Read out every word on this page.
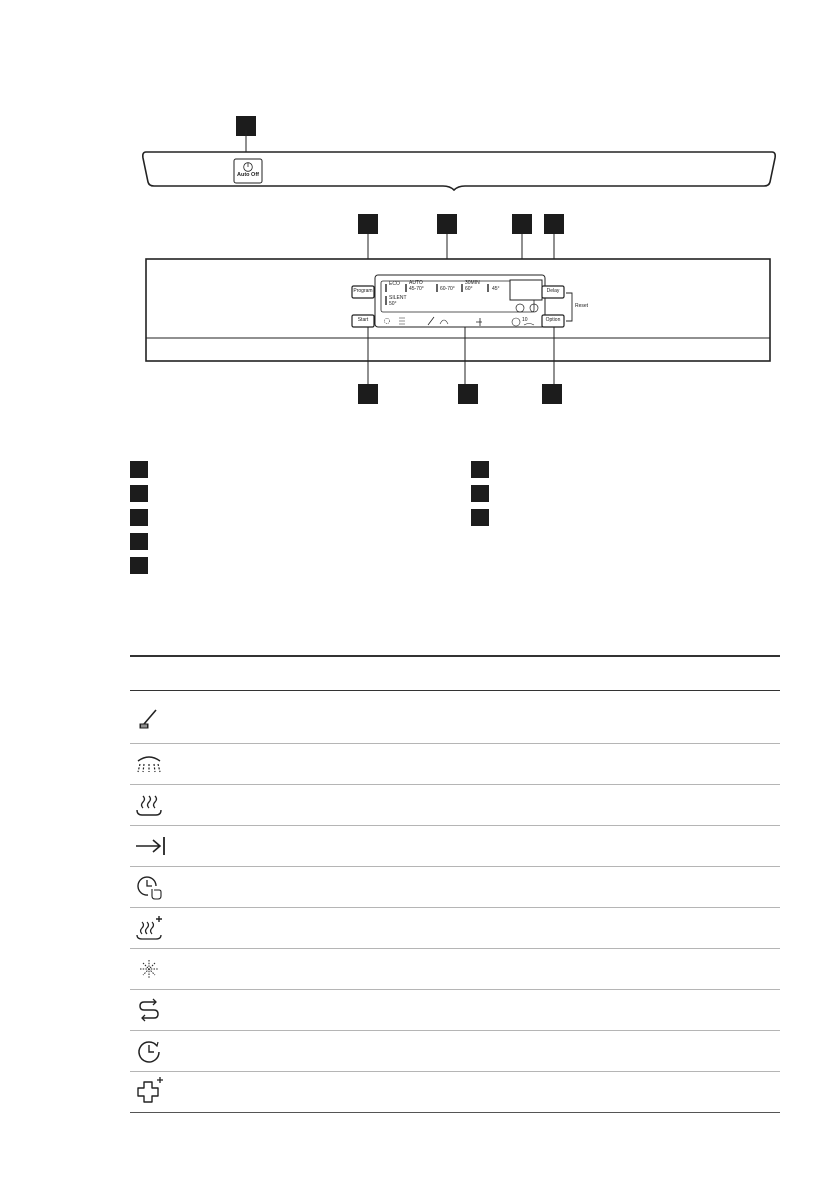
Auto Off
ECO AUTO
45-70°	60-70°
30MIN
60°	45°
SILENT
50°
10
Program
Start
Delay
Option
Reset
